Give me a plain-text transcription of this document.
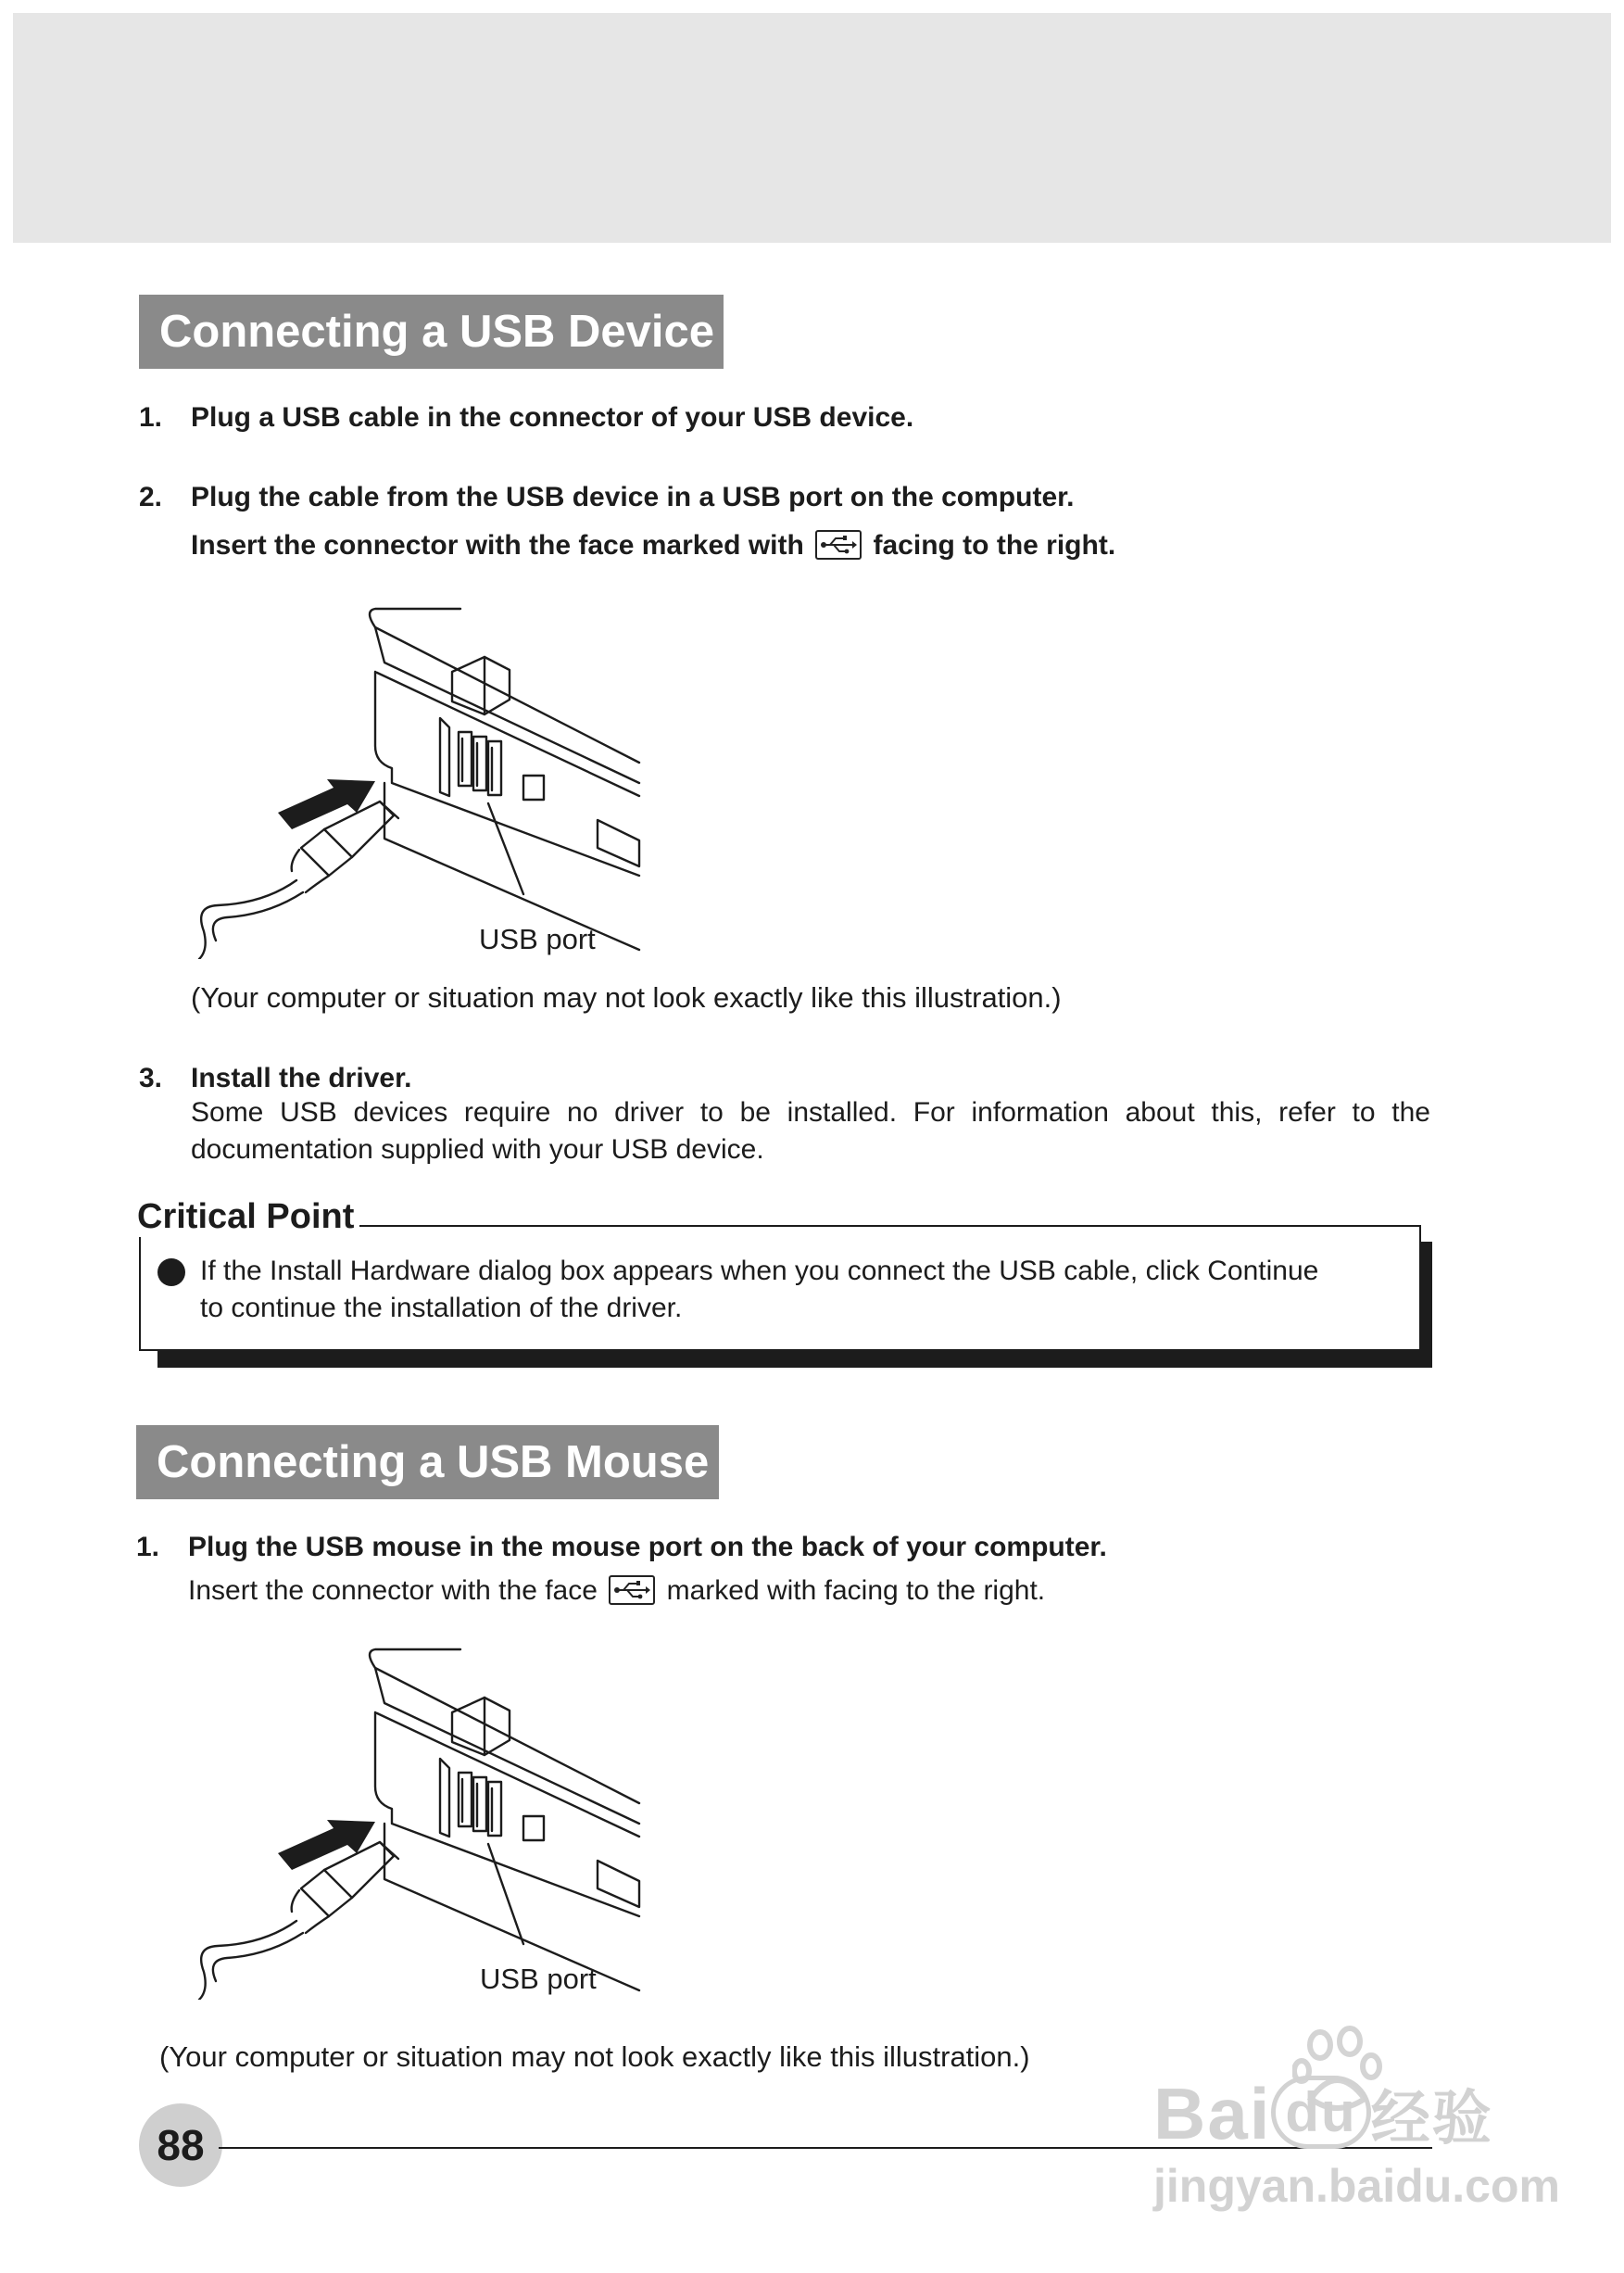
Connecting a USB Device
1. Plug a USB cable in the connector of your USB device.
2. Plug the cable from the USB device in a USB port on the computer.
Insert the connector with the face marked with facing to the right.
USB port
(Your computer or situation may not look exactly like this illustration.)
3. Install the driver.
Some USB devices require no driver to be installed. For information about this, refer to the
documentation supplied with your USB device.
Critical Point
If the Install Hardware dialog box appears when you connect the USB cable, click Continue
to continue the installation of the driver.
Connecting a USB Mouse
1. Plug the USB mouse in the mouse port on the back of your computer.
Insert the connector with the face marked with facing to the right.
USB port
(Your computer or situation may not look exactly like this illustration.)
88	Bai du 经验
jingyan.baidu.com
